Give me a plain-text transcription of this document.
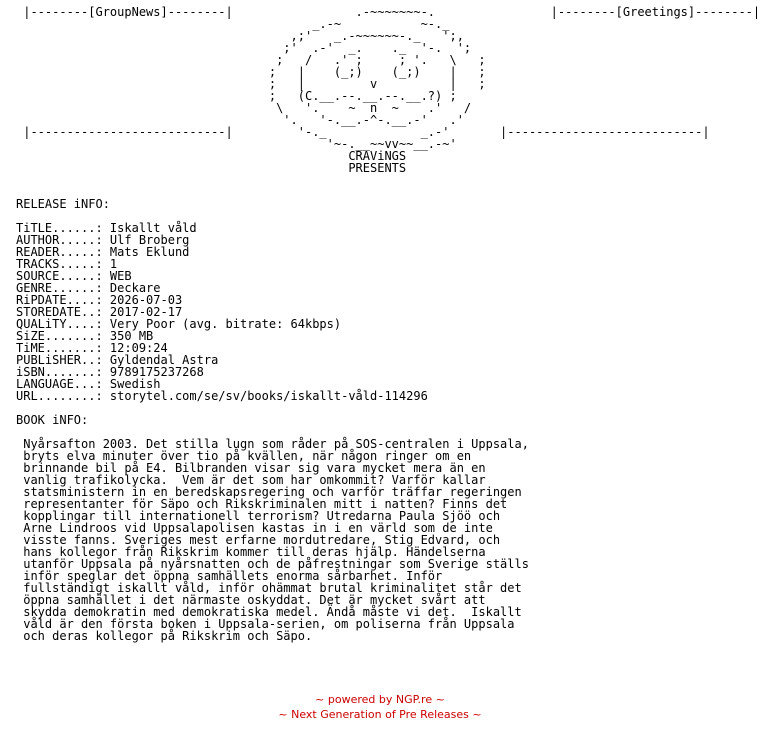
|--------[GroupNews]--------|                 .-~~~~~~~-.                |--------[Greetings]--------|
_.-~           ~-._
,;'   _.-~~~~~~-._   ';,
;'  .-'  _.    ._  '-.  ';
;   /   .' ;     ; '.   \   ;
;   |    (_;)    (_;)    |   ;
;   |         v          |   ;
;   (C.__.--.__.--.__.?) ;
\   '.    ~  n  ~    .'   /
'.   '-.__.-^-.__.-'   .'
|---------------------------|         '-._             _.-'       |---------------------------|
'~-.__~~vv~~__.-~'
CRAViNGS
PRESENTS

RELEASE iNFO:

TiTLE......: Iskallt våld
AUTHOR.....: Ulf Broberg
READER.....: Mats Eklund
TRACKS.....: 1
SOURCE.....: WEB
GENRE......: Deckare
RiPDATE....: 2026-07-03
STOREDATE..: 2017-02-17
QUALiTY....: Very Poor (avg. bitrate: 64kbps)
SiZE.......: 350 MB
TiME.......: 12:09:24
PUBLiSHER..: Gyldendal Astra
iSBN.......: 9789175237268
LANGUAGE...: Swedish
URL........: storytel.com/se/sv/books/iskallt-våld-114296

BOOK iNFO:

Nyårsafton 2003. Det stilla lugn som råder på SOS-centralen i Uppsala,
bryts elva minuter över tio på kvällen, när någon ringer om en
brinnande bil på E4. Bilbranden visar sig vara mycket mera än en
vanlig trafikolycka.  Vem är det som har omkommit? Varför kallar
statsministern in en beredskapsregering och varför träffar regeringen
representanter för Säpo och Rikskriminalen mitt i natten? Finns det
kopplingar till internationell terrorism? Utredarna Paula Sjöö och
Arne Lindroos vid Uppsalapolisen kastas in i en värld som de inte
visste fanns. Sveriges mest erfarne mordutredare, Stig Edvard, och
hans kollegor från Rikskrim kommer till deras hjälp. Händelserna
utanför Uppsala på nyårsnatten och de påfrestningar som Sverige ställs
inför speglar det öppna samhällets enorma sårbarhet. Inför
fullständigt iskallt våld, inför ohämmat brutal kriminalitet står det
öppna samhället i det närmaste oskyddat. Det är mycket svårt att
skydda demokratin med demokratiska medel. Ändå måste vi det.  Iskallt
våld är den första boken i Uppsala-serien, om poliserna från Uppsala
och deras kollegor på Rikskrim och Säpo.
~ powered by NGP.re ~
~ Next Generation of Pre Releases ~
